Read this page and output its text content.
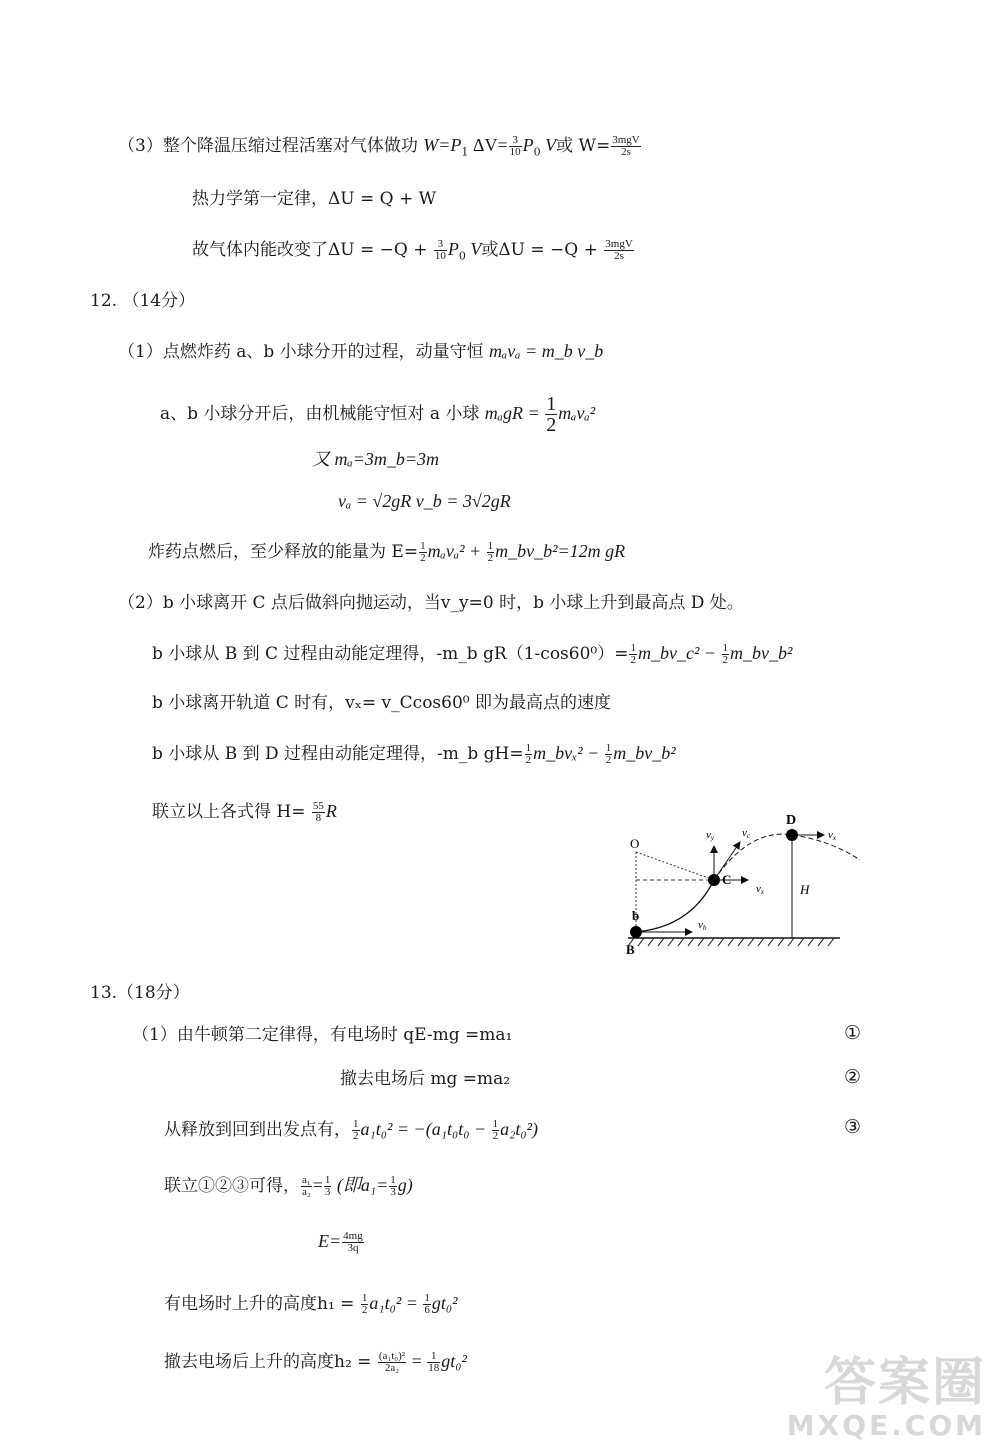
（3）整个降温压缩过程活塞对气体做功 $W=P_1$ $\Delta V= \frac{3}{10} P_0$ V或 $W= \frac{\text{3mgV}}{2s}$
热力学第一定律，ΔU = Q + W
故气体内能改变了$\Delta U = -Q + \frac{3}{10} P_0$ V或$\Delta U = -Q + \frac{\text{3mgV}}{2s}$
12. （14分）
（1）点燃炸药 a、b 小球分开的过程，动量守恒 mₐvₐ = m_b v_b
a、b 小球分开后，由机械能守恒对 a 小球 $m_agR = \frac{1}{2} m_av_a^2$
又 mₐ=3m_b=3m
vₐ = √2gR v_b = 3√2gR
炸药点燃后，至少释放的能量为 $E= \frac{1}{2} m_av_a^2 + \frac{1}{2}$ m_bv_b²=12m gR
（2）b 小球离开 C 点后做斜向抛运动，当v_y=0 时，b 小球上升到最高点 D 处。
b 小球从 B 到 C 过程由动能定理得，-m_b $gR(1-\cos 60^0)= \frac{1}{2}$ m_bv_c² − $\frac{1}{2}$ m_bv_b²
b 小球离开轨道 C 时有，vₓ= v_Ccos60⁰ 即为最高点的速度
b 小球从 B 到 D 过程由动能定理得，-m_b $gH= \frac{1}{2}$ m_bvₓ² − $\frac{1}{2}$ m_bv_b²
联立以上各式得 $H= \frac{55}{8}$ R
O
C
D
B
b
H
vy	vc
vx
vx
vb
13.（18分）
（1）由牛顿第二定律得，有电场时 qE-mg =ma₁	①
撤去电场后 mg =ma₂	②
从释放到回到出发点有， $\frac{1}{2} a_1t_0^2 = -(a_1t_0t_0 - \frac{1}{2} a_2t_0^2)$	③
联立①②③可得， $\frac{\text{a₁}}{\text{a₂}} = \frac{1}{3}$ (即$a_1= \frac{1}{3} g$)
$E= \frac{4mg}{3q}$
有电场时上升的高度$h_1 = \frac{1}{2} a_1t_0^2 = \frac{1}{6} gt_0^2$
撤去电场后上升的高度$h_2 = \frac{\text{(a₁t₀)²}}{\text{2a₂}} = \frac{1}{18} gt_0^2$	答案圈
MXQE.COM
